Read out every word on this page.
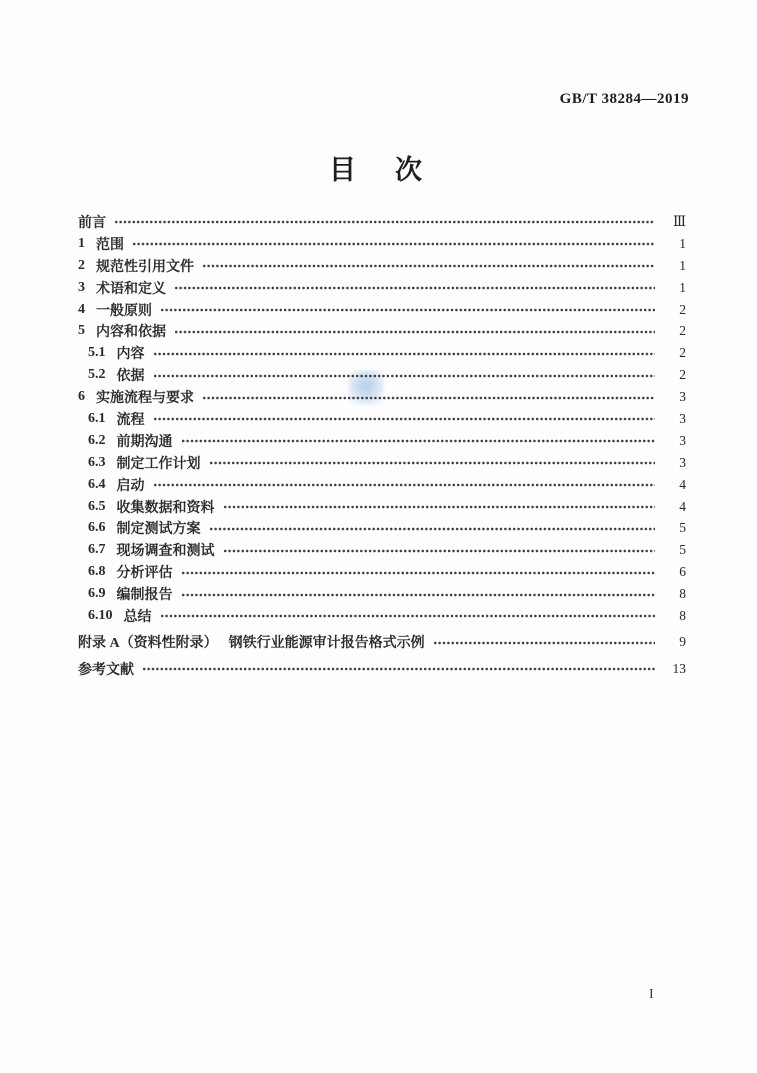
GB/T 38284—2019
目　次
前言	Ⅲ
1 范围	1
2 规范性引用文件	1
3 术语和定义	1
4 一般原则	2
5 内容和依据	2
5.1 内容	2
5.2 依据	2
6 实施流程与要求	3
6.1 流程	3
6.2 前期沟通	3
6.3 制定工作计划	3
6.4 启动	4
6.5 收集数据和资料	4
6.6 制定测试方案	5
6.7 现场调查和测试	5
6.8 分析评估	6
6.9 编制报告	8
6.10 总结	8
附录 A（资料性附录） 钢铁行业能源审计报告格式示例	9
参考文献	13
I
